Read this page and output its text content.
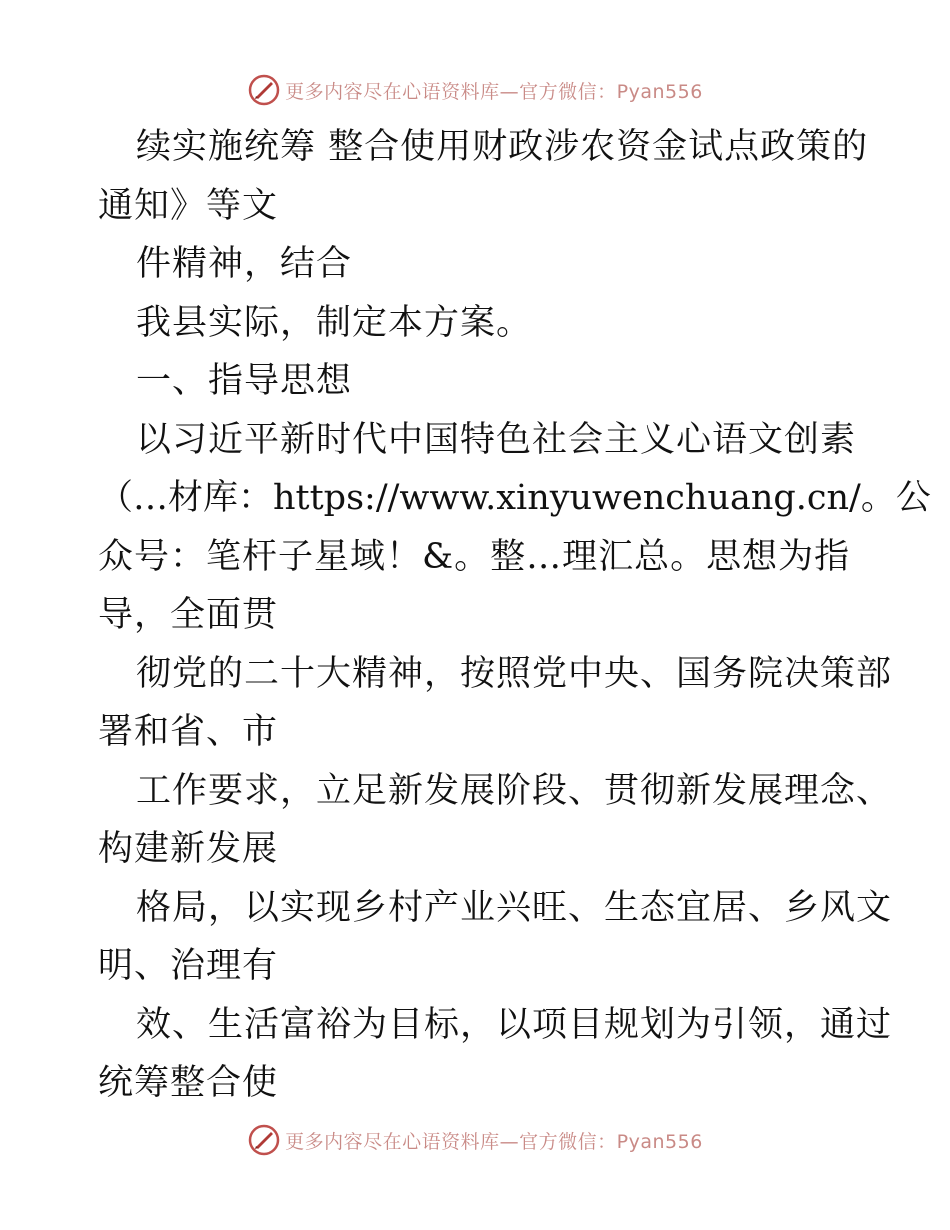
更多内容尽在心语资料库—官方微信：Pyan556
续实施统筹 整合使用财政涉农资金试点政策的
通知》等文
件精神，结合
我县实际，制定本方案。
一、指导思想
以习近平新时代中国特色社会主义心语文创素
（…材库：https://www.xinyuwenchuang.cn/。公
众号：笔杆子星域！&。整…理汇总。思想为指
导，全面贯
彻党的二十大精神，按照党中央、国务院决策部
署和省、市
工作要求，立足新发展阶段、贯彻新发展理念、
构建新发展
格局，以实现乡村产业兴旺、生态宜居、乡风文
明、治理有
效、生活富裕为目标，以项目规划为引领，通过
统筹整合使
更多内容尽在心语资料库—官方微信：Pyan556
